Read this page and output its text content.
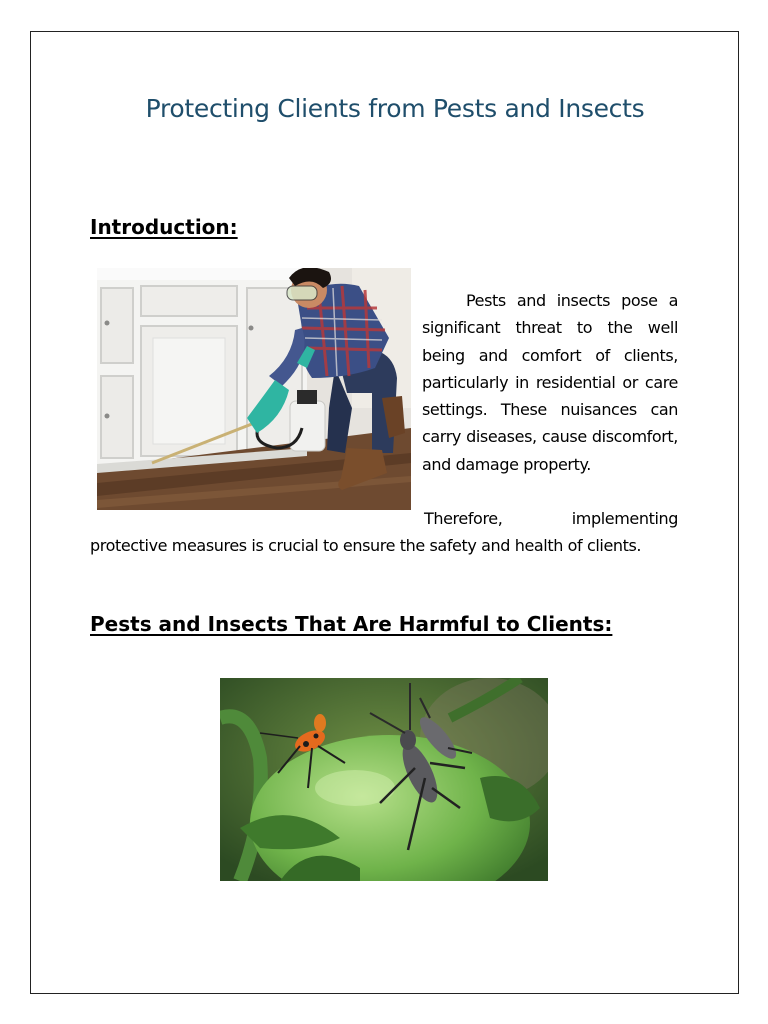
Protecting Clients from Pests and Insects
Introduction:
Pests and insects pose a significant threat to the well being and comfort of clients, particularly in residential or care settings. These nuisances can carry diseases, cause discomfort, and damage property.
Therefore,	implementing
protective measures is crucial to ensure the safety and health of clients.
Pests and Insects That Are Harmful to Clients:
